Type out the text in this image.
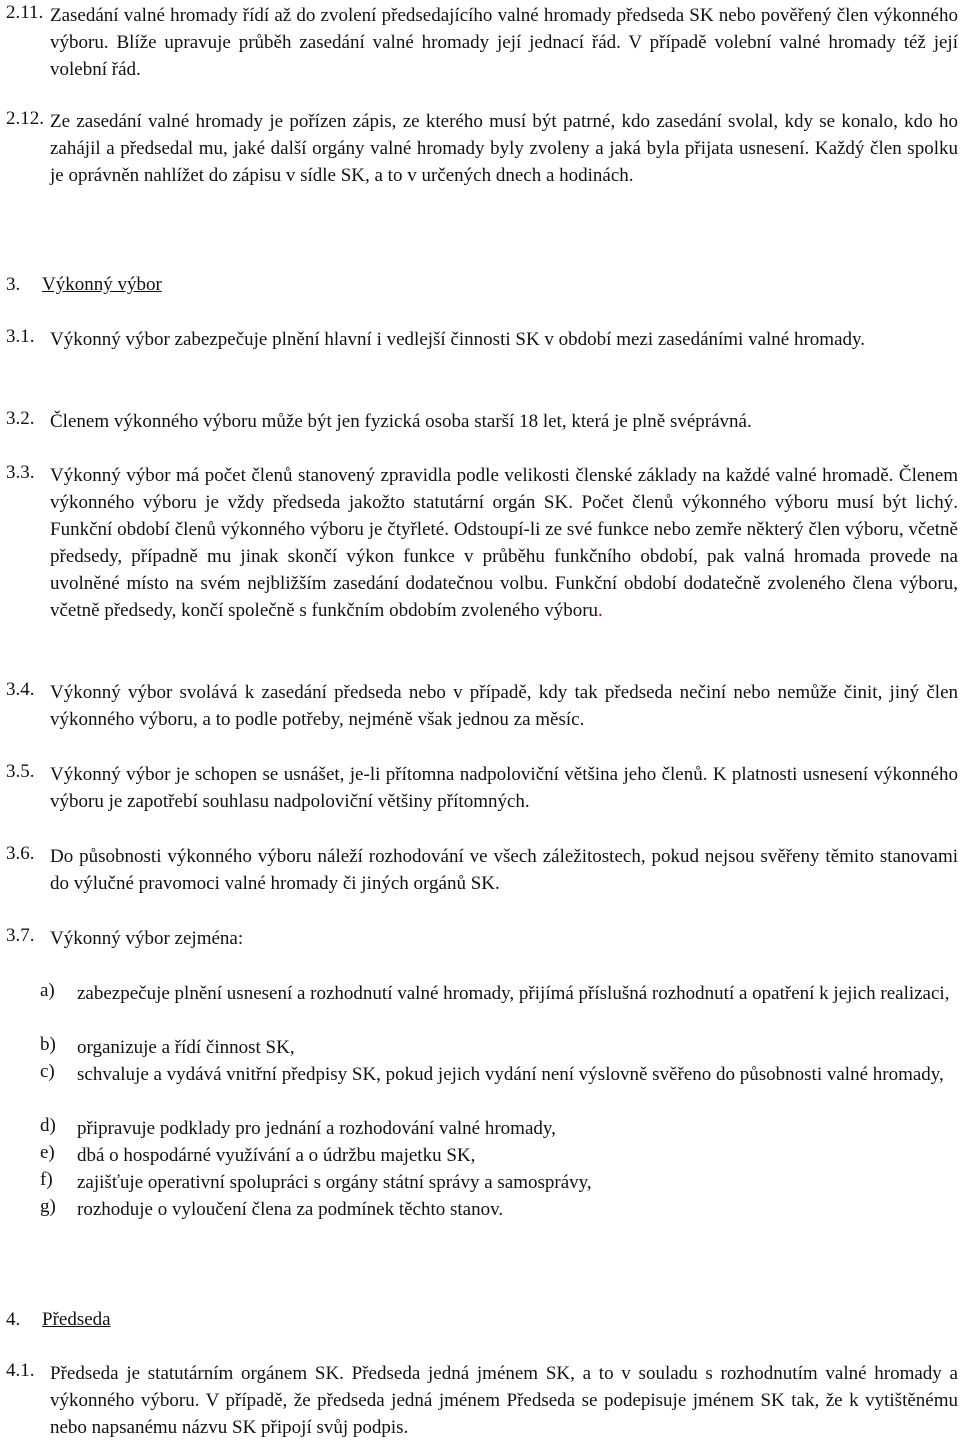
2.11. Zasedání valné hromady řídí až do zvolení předsedajícího valné hromady předseda SK nebo pověřený člen výkonného výboru. Blíže upravuje průběh zasedání valné hromady její jednací řád. V případě volební valné hromady též její volební řád.
2.12. Ze zasedání valné hromady je pořízen zápis, ze kterého musí být patrné, kdo zasedání svolal, kdy se konalo, kdo ho zahájil a předsedal mu, jaké další orgány valné hromady byly zvoleny a jaká byla přijata usnesení. Každý člen spolku je oprávněn nahlížet do zápisu v sídle SK, a to v určených dnech a hodinách.
3. Výkonný výbor
3.1. Výkonný výbor zabezpečuje plnění hlavní i vedlejší činnosti SK v období mezi zasedáními valné hromady.
3.2. Členem výkonného výboru může být jen fyzická osoba starší 18 let, která je plně svéprávná.
3.3. Výkonný výbor má počet členů stanovený zpravidla podle velikosti členské základy na každé valné hromadě. Členem výkonného výboru je vždy předseda jakožto statutární orgán SK. Počet členů výkonného výboru musí být lichý. Funkční období členů výkonného výboru je čtyřleté. Odstoupí-li ze své funkce nebo zemře některý člen výboru, včetně předsedy, případně mu jinak skončí výkon funkce v průběhu funkčního období, pak valná hromada provede na uvolněné místo na svém nejbližším zasedání dodatečnou volbu. Funkční období dodatečně zvoleného člena výboru, včetně předsedy, končí společně s funkčním obdobím zvoleného výboru.
3.4. Výkonný výbor svolává k zasedání předseda nebo v případě, kdy tak předseda nečiní nebo nemůže činit, jiný člen výkonného výboru, a to podle potřeby, nejméně však jednou za měsíc.
3.5. Výkonný výbor je schopen se usnášet, je-li přítomna nadpoloviční většina jeho členů. K platnosti usnesení výkonného výboru je zapotřebí souhlasu nadpoloviční většiny přítomných.
3.6. Do působnosti výkonného výboru náleží rozhodování ve všech záležitostech, pokud nejsou svěřeny těmito stanovami do výlučné pravomoci valné hromady či jiných orgánů SK.
3.7. Výkonný výbor zejména:
a) zabezpečuje plnění usnesení a rozhodnutí valné hromady, přijímá příslušná rozhodnutí a opatření k jejich realizaci,
b) organizuje a řídí činnost SK,
c) schvaluje a vydává vnitřní předpisy SK, pokud jejich vydání není výslovně svěřeno do působnosti valné hromady,
d) připravuje podklady pro jednání a rozhodování valné hromady,
e) dbá o hospodárné využívání a o údržbu majetku SK,
f) zajišťuje operativní spolupráci s orgány státní správy a samosprávy,
g) rozhoduje o vyloučení člena za podmínek těchto stanov.
4. Předseda
4.1. Předseda je statutárním orgánem SK. Předseda jedná jménem SK, a to v souladu s rozhodnutím valné hromady a výkonného výboru. V případě, že předseda jedná jménem Předseda se podepisuje jménem SK tak, že k vytištěnému nebo napsanému názvu SK připojí svůj podpis.
